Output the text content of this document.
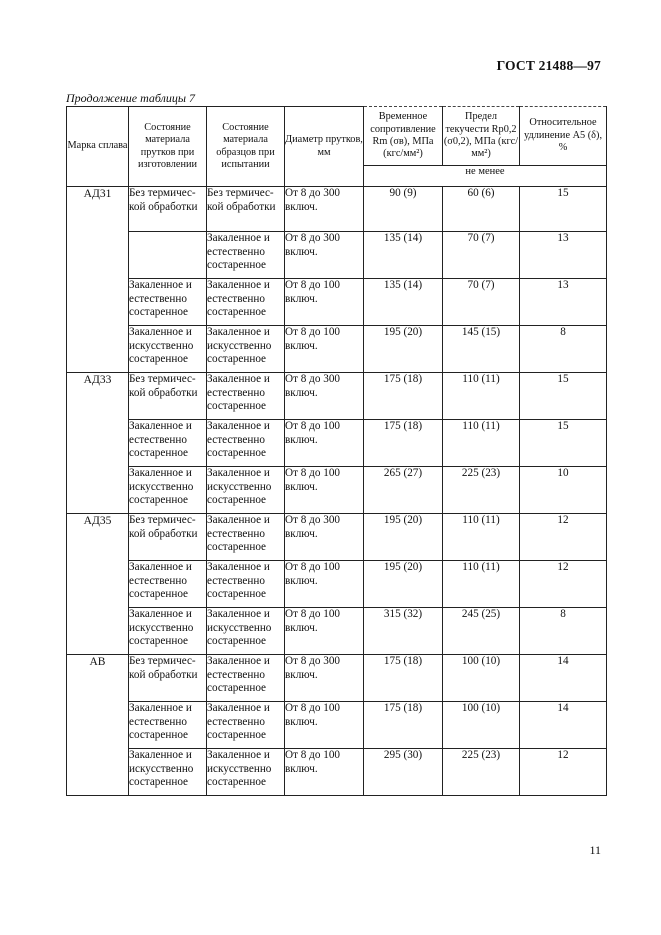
ГОСТ 21488—97
Продолжение таблицы 7
Марка сплава	Состояние материала прутков при изготовлении	Состояние материала образцов при испытании	Диаметр прутков, мм	Временное сопротивление Rm (σв), МПа (кгс/мм²)	Предел текучести Rp0,2 (σ0,2), МПа (кгс/мм²)	Относительное удлинение A5 (δ), %
				не менее		
АД31	Без термичес- кой обработки	Без термичес- кой обработки	От 8 до 300 включ.	90 (9)	60 (6)	15
		Закаленное и естественно состаренное	От 8 до 300 включ.	135 (14)	70 (7)	13
	Закаленное и естественно состаренное	Закаленное и естественно состаренное	От 8 до 100 включ.	135 (14)	70 (7)	13
	Закаленное и искусственно состаренное	Закаленное и искусственно состаренное	От 8 до 100 включ.	195 (20)	145 (15)	8
АД33	Без термичес- кой обработки	Закаленное и естественно состаренное	От 8 до 300 включ.	175 (18)	110 (11)	15
	Закаленное и естественно состаренное	Закаленное и естественно состаренное	От 8 до 100 включ.	175 (18)	110 (11)	15
	Закаленное и искусственно состаренное	Закаленное и искусственно состаренное	От 8 до 100 включ.	265 (27)	225 (23)	10
АД35	Без термичес- кой обработки	Закаленное и естественно состаренное	От 8 до 300 включ.	195 (20)	110 (11)	12
	Закаленное и естественно состаренное	Закаленное и естественно состаренное	От 8 до 100 включ.	195 (20)	110 (11)	12
	Закаленное и искусственно состаренное	Закаленное и искусственно состаренное	От 8 до 100 включ.	315 (32)	245 (25)	8
АВ	Без термичес- кой обработки	Закаленное и естественно состаренное	От 8 до 300 включ.	175 (18)	100 (10)	14
	Закаленное и естественно состаренное	Закаленное и естественно состаренное	От 8 до 100 включ.	175 (18)	100 (10)	14
	Закаленное и искусственно состаренное	Закаленное и искусственно состаренное	От 8 до 100 включ.	295 (30)	225 (23)	12
11
